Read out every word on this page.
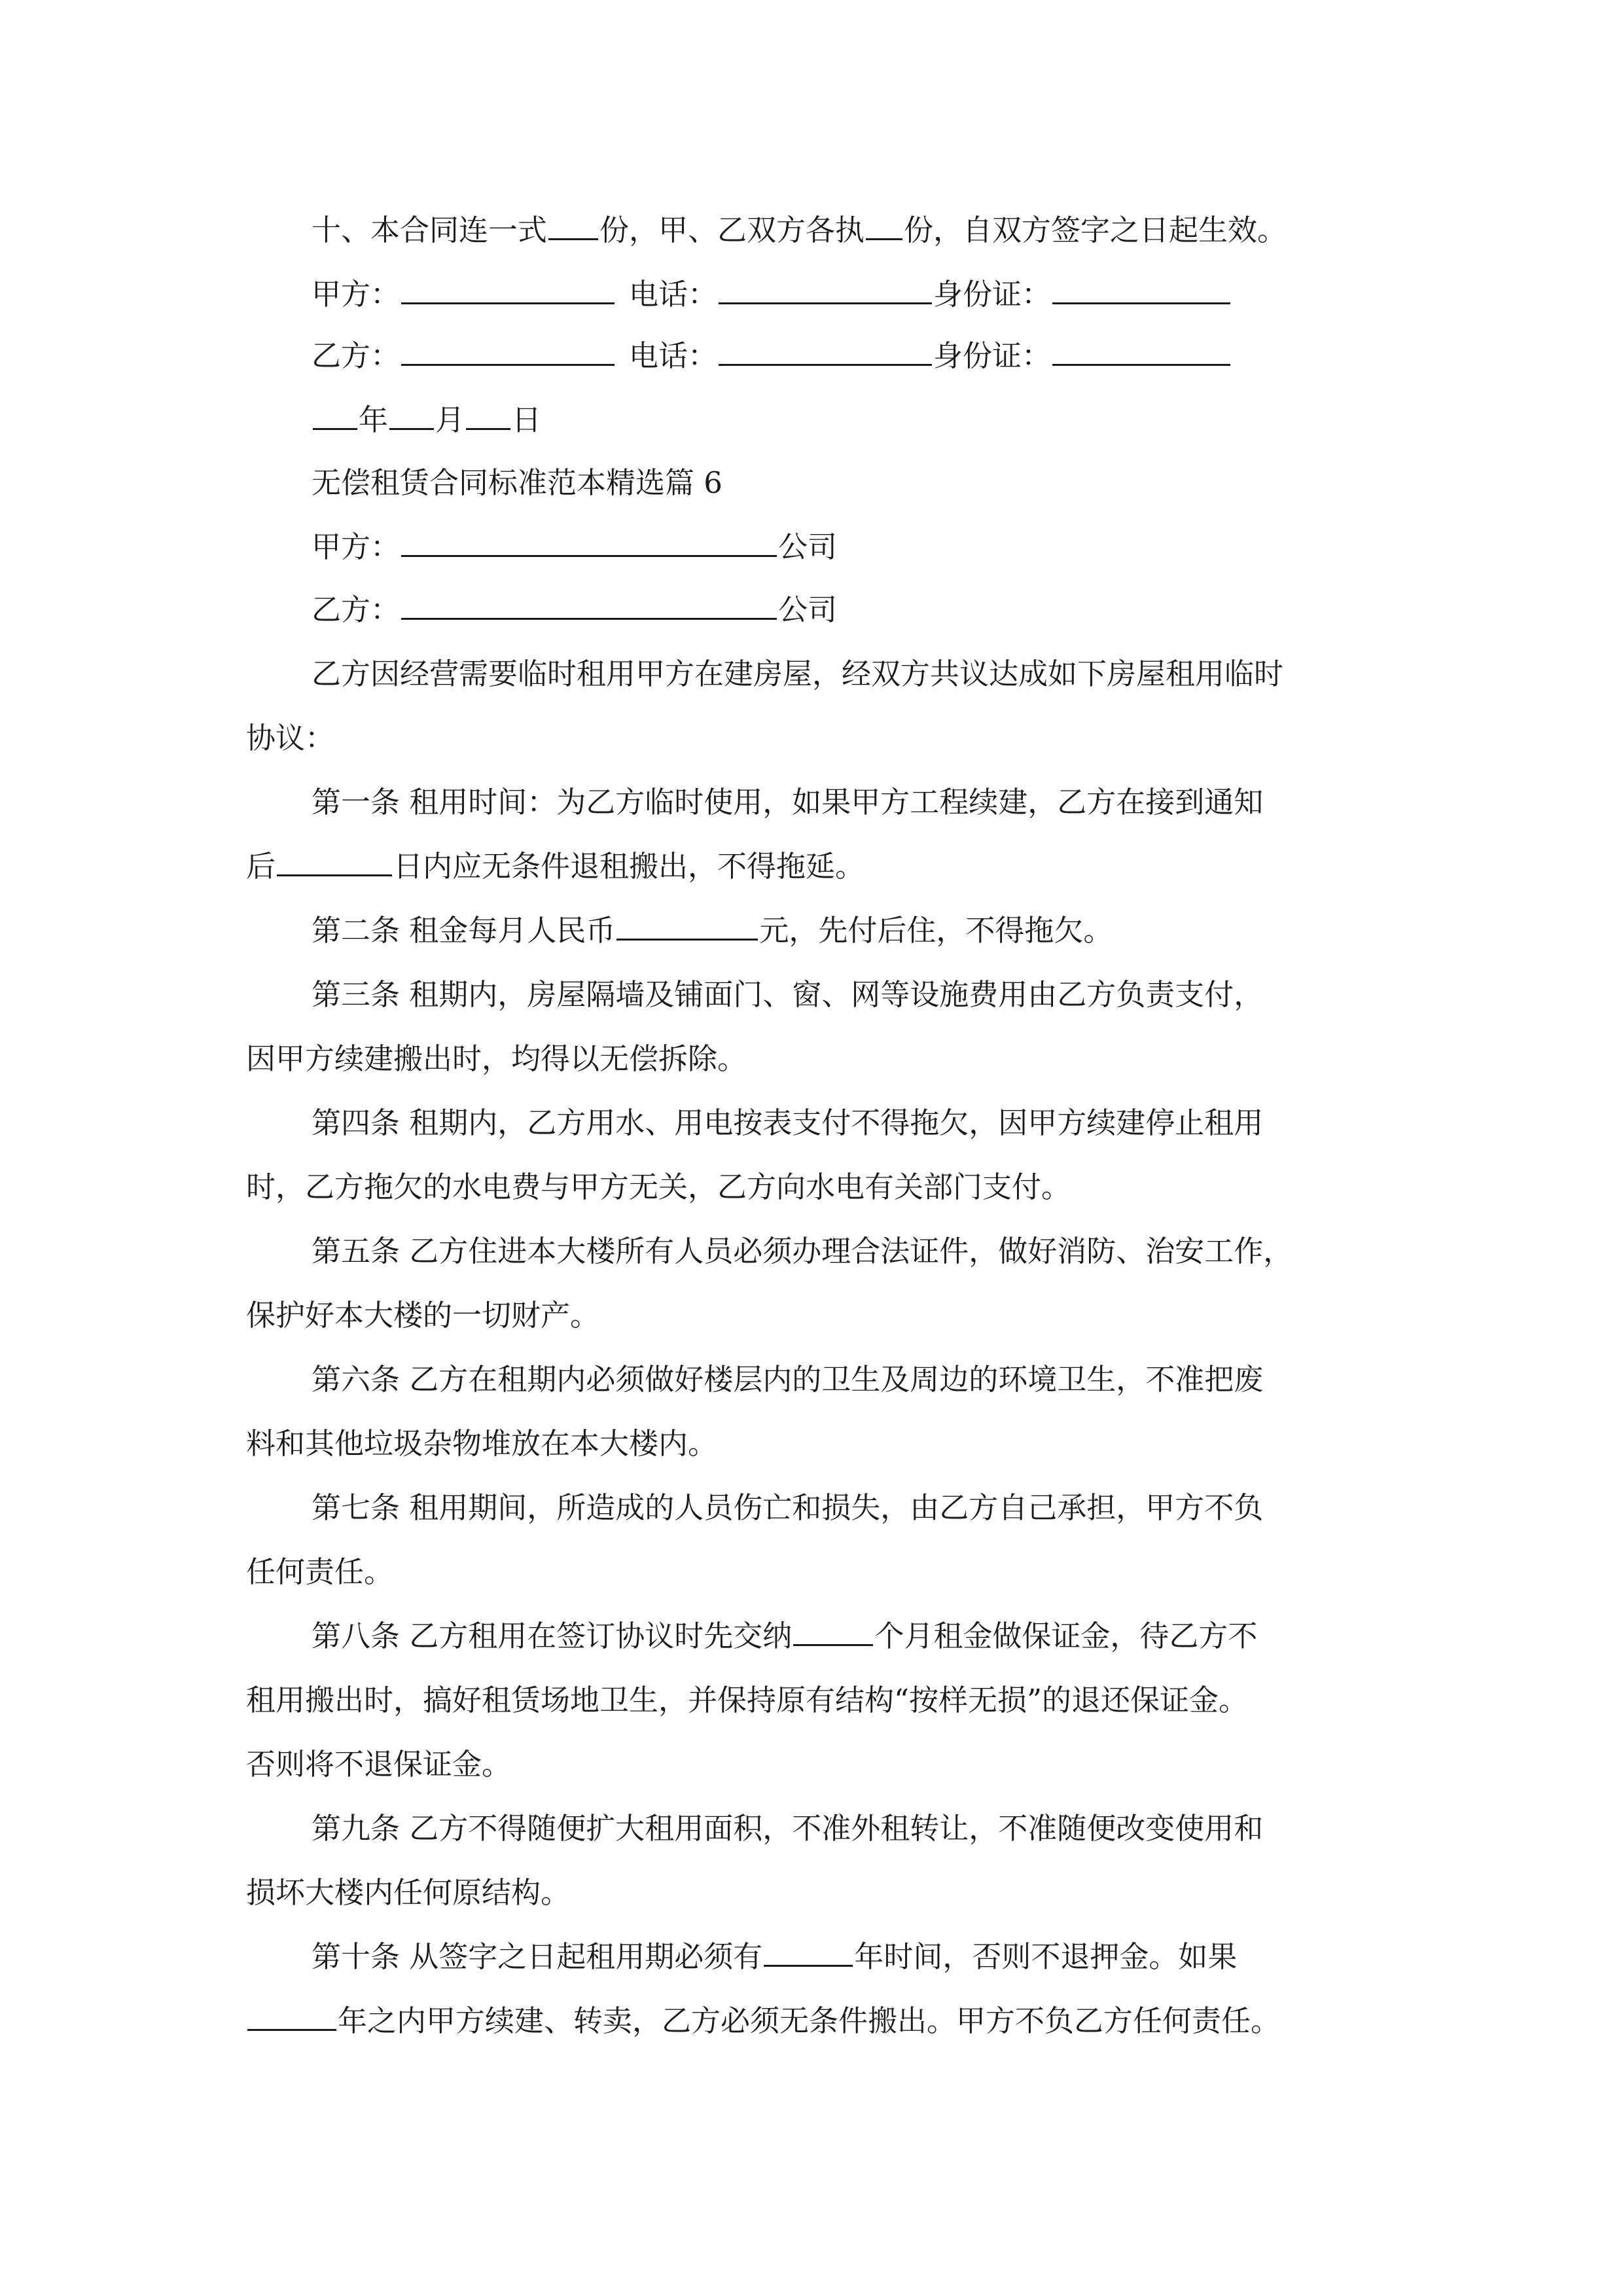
十、本合同连一式 份，甲、乙双方各执 份，自双方签字之日起生效。
甲方：	电话：	身份证：
乙方：	电话：	身份证：
年 月 日
无偿租赁合同标准范本精选篇 6
甲方：	公司
乙方：	公司
乙方因经营需要临时租用甲方在建房屋，经双方共议达成如下房屋租用临时
协议：
第一条 租用时间：为乙方临时使用，如果甲方工程续建，乙方在接到通知
后	日内应无条件退租搬出，不得拖延。
第二条 租金每月人民币	元，先付后住，不得拖欠。
第三条 租期内，房屋隔墙及铺面门、窗、网等设施费用由乙方负责支付，
因甲方续建搬出时，均得以无偿拆除。
第四条 租期内，乙方用水、用电按表支付不得拖欠，因甲方续建停止租用
时，乙方拖欠的水电费与甲方无关，乙方向水电有关部门支付。
第五条 乙方住进本大楼所有人员必须办理合法证件，做好消防、治安工作，
保护好本大楼的一切财产。
第六条 乙方在租期内必须做好楼层内的卫生及周边的环境卫生，不准把废
料和其他垃圾杂物堆放在本大楼内。
第七条 租用期间，所造成的人员伤亡和损失，由乙方自己承担，甲方不负
任何责任。
第八条 乙方租用在签订协议时先交纳	个月租金做保证金，待乙方不
租用搬出时，搞好租赁场地卫生，并保持原有结构“按样无损”的退还保证金。
否则将不退保证金。
第九条 乙方不得随便扩大租用面积，不准外租转让，不准随便改变使用和
损坏大楼内任何原结构。
第十条 从签字之日起租用期必须有	年时间，否则不退押金。如果
年之内甲方续建、转卖，乙方必须无条件搬出。甲方不负乙方任何责任。
